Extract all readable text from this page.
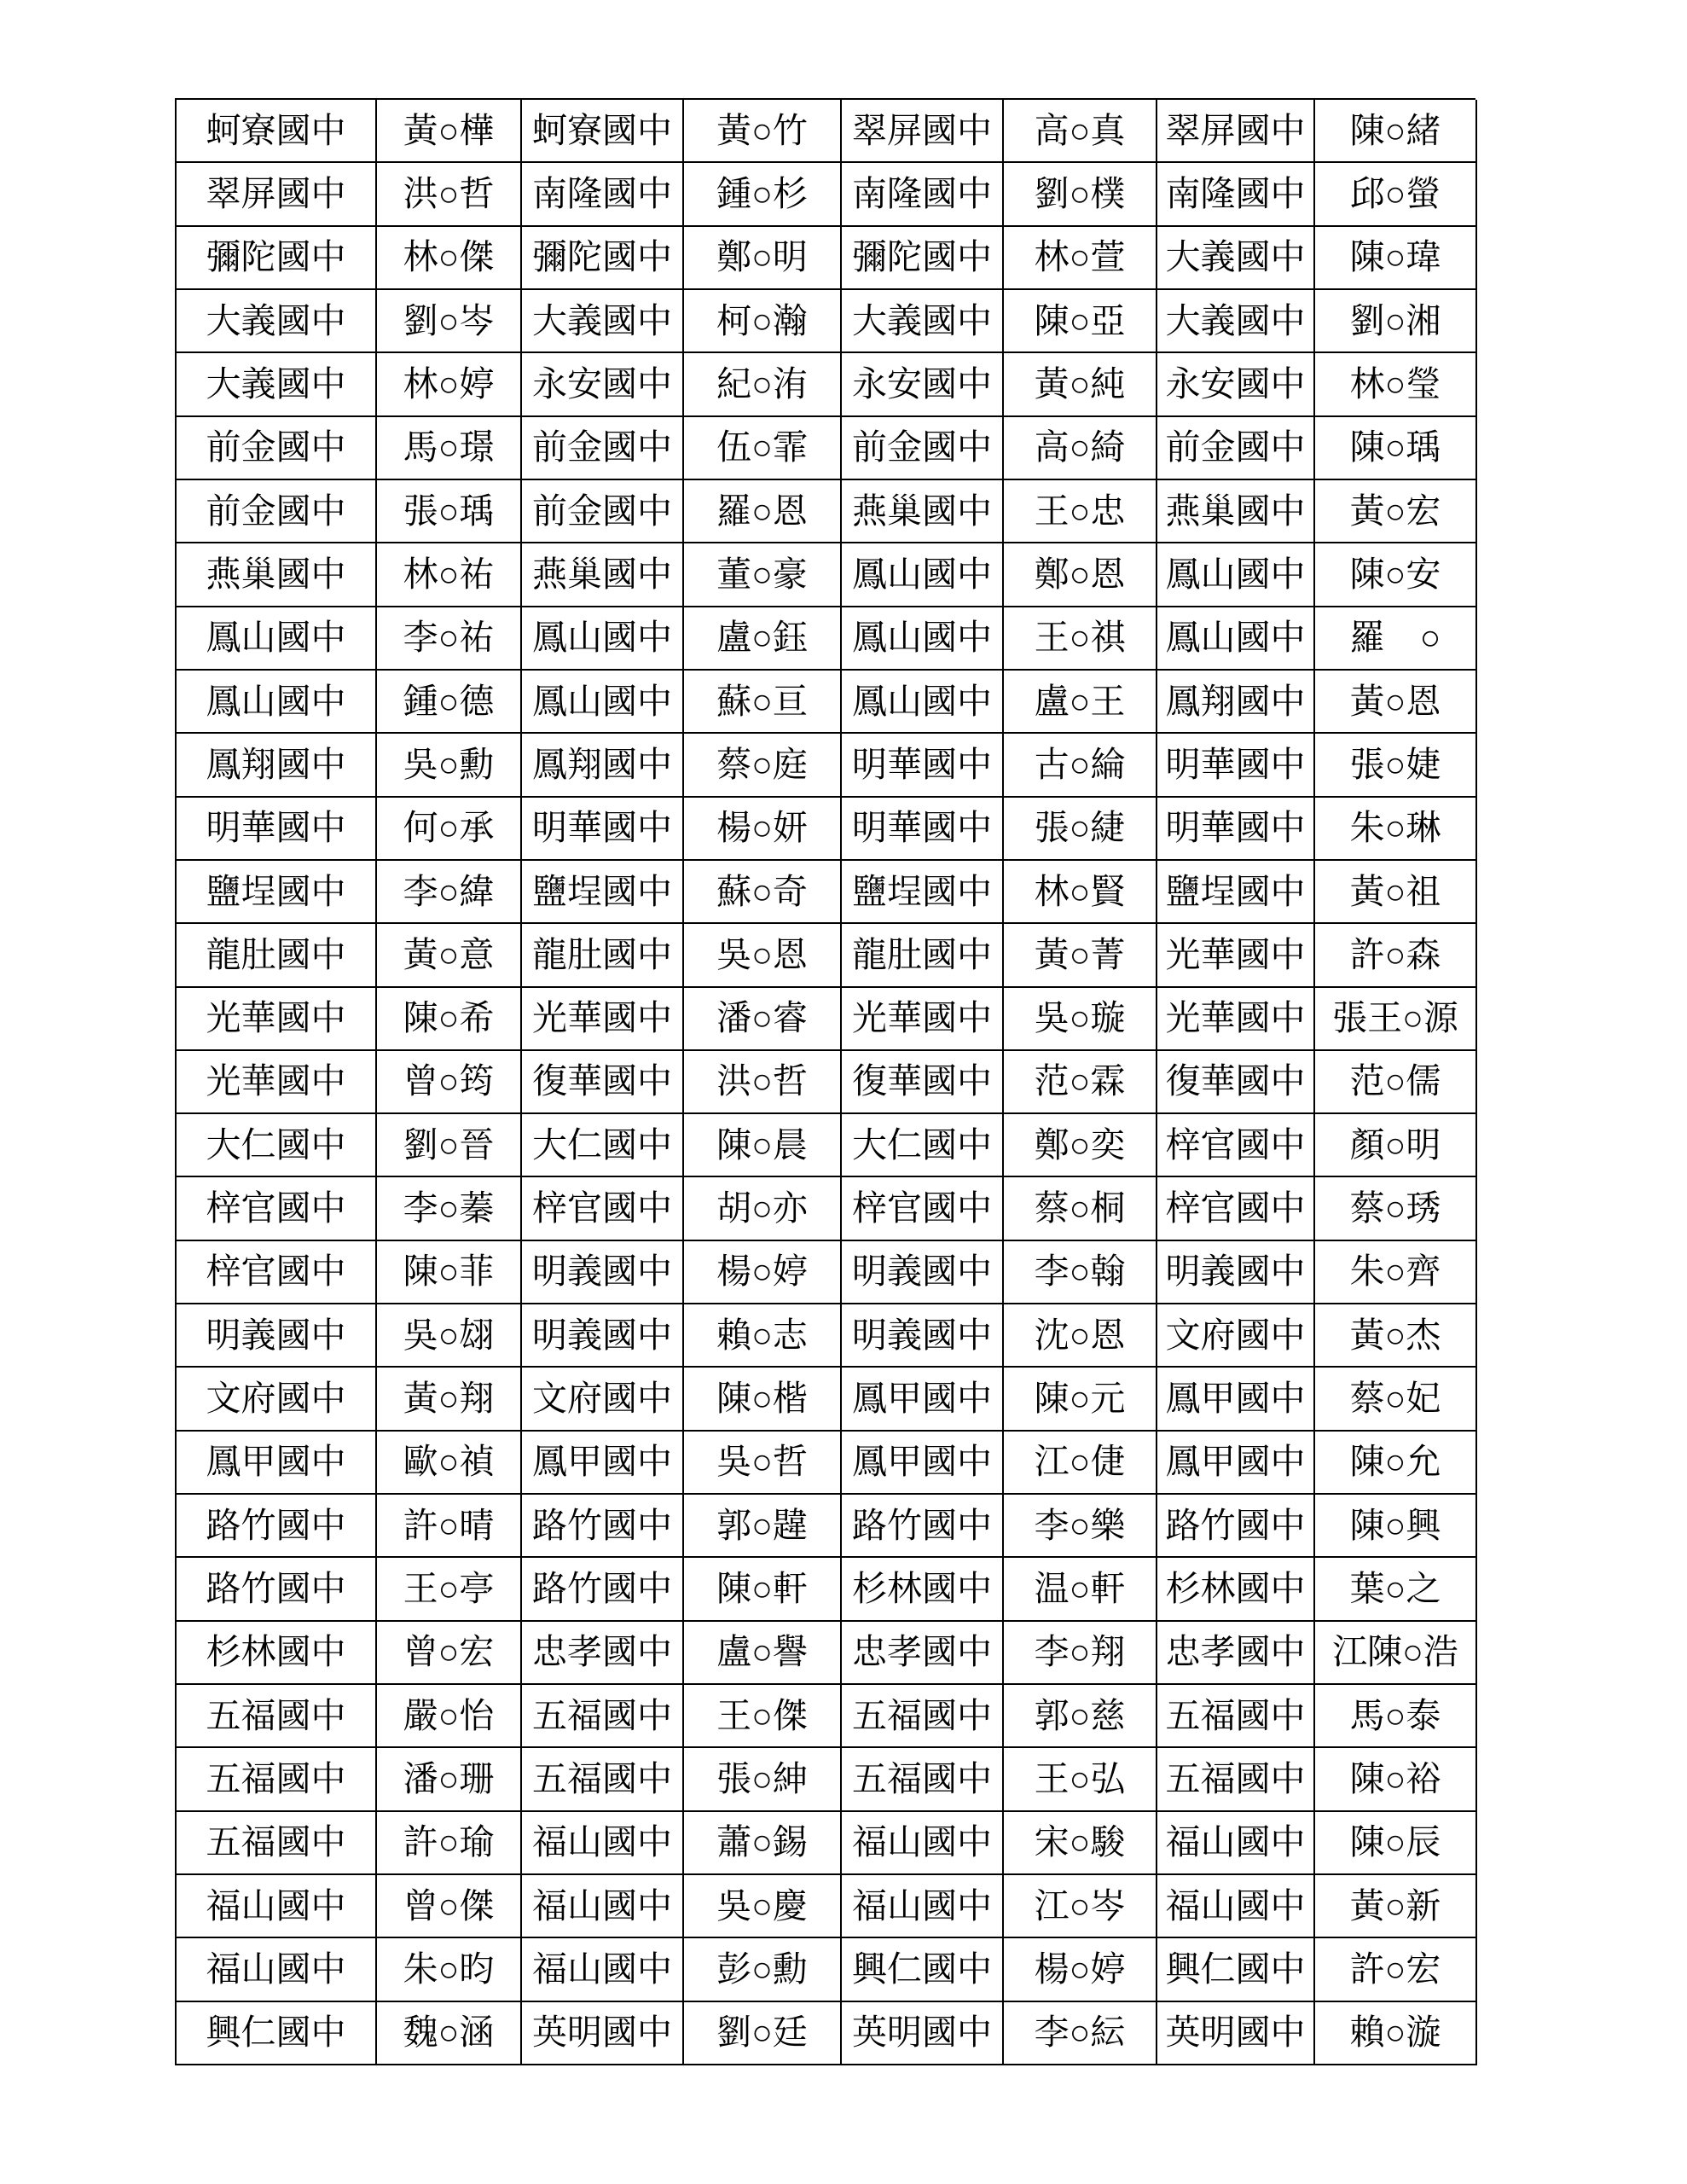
蚵寮國中	黃○樺	蚵寮國中	黃○竹	翠屏國中	高○真	翠屏國中	陳○緒
翠屏國中	洪○哲	南隆國中	鍾○杉	南隆國中	劉○樸	南隆國中	邱○螢
彌陀國中	林○傑	彌陀國中	鄭○明	彌陀國中	林○萱	大義國中	陳○瑋
大義國中	劉○岑	大義國中	柯○瀚	大義國中	陳○亞	大義國中	劉○湘
大義國中	林○婷	永安國中	紀○洧	永安國中	黃○純	永安國中	林○瑩
前金國中	馬○璟	前金國中	伍○霏	前金國中	高○綺	前金國中	陳○瑀
前金國中	張○瑀	前金國中	羅○恩	燕巢國中	王○忠	燕巢國中	黃○宏
燕巢國中	林○祐	燕巢國中	董○豪	鳳山國中	鄭○恩	鳳山國中	陳○安
鳳山國中	李○祐	鳳山國中	盧○鈺	鳳山國中	王○祺	鳳山國中	羅　○
鳳山國中	鍾○德	鳳山國中	蘇○亘	鳳山國中	盧○王	鳳翔國中	黃○恩
鳳翔國中	吳○勳	鳳翔國中	蔡○庭	明華國中	古○綸	明華國中	張○婕
明華國中	何○承	明華國中	楊○妍	明華國中	張○緁	明華國中	朱○琳
鹽埕國中	李○緯	鹽埕國中	蘇○奇	鹽埕國中	林○賢	鹽埕國中	黃○祖
龍肚國中	黃○意	龍肚國中	吳○恩	龍肚國中	黃○菁	光華國中	許○森
光華國中	陳○希	光華國中	潘○睿	光華國中	吳○璇	光華國中 張王○源
光華國中	曾○筠	復華國中	洪○哲	復華國中	范○霖	復華國中	范○儒
大仁國中	劉○晉	大仁國中	陳○晨	大仁國中	鄭○奕	梓官國中	顏○明
梓官國中	李○蓁	梓官國中	胡○亦	梓官國中	蔡○桐	梓官國中	蔡○琇
梓官國中	陳○菲	明義國中	楊○婷	明義國中	李○翰	明義國中	朱○齊
明義國中	吳○翃	明義國中	賴○志	明義國中	沈○恩	文府國中	黃○杰
文府國中	黃○翔	文府國中	陳○楷	鳳甲國中	陳○元	鳳甲國中	蔡○妃
鳳甲國中	歐○禎	鳳甲國中	吳○哲	鳳甲國中	江○倢	鳳甲國中	陳○允
路竹國中	許○晴	路竹國中	郭○韙	路竹國中	李○樂	路竹國中	陳○興
路竹國中	王○亭	路竹國中	陳○軒	杉林國中	温○軒	杉林國中	葉○之
杉林國中	曾○宏	忠孝國中	盧○譽	忠孝國中	李○翔	忠孝國中 江陳○浩
五福國中	嚴○怡	五福國中	王○傑	五福國中	郭○慈	五福國中	馬○泰
五福國中	潘○珊	五福國中	張○紳	五福國中	王○弘	五福國中	陳○裕
五福國中	許○瑜	福山國中	蕭○錫	福山國中	宋○駿	福山國中	陳○辰
福山國中	曾○傑	福山國中	吳○慶	福山國中	江○岑	福山國中	黃○新
福山國中	朱○昀	福山國中	彭○勳	興仁國中	楊○婷	興仁國中	許○宏
興仁國中	魏○涵	英明國中	劉○廷	英明國中	李○紜	英明國中	賴○漩
